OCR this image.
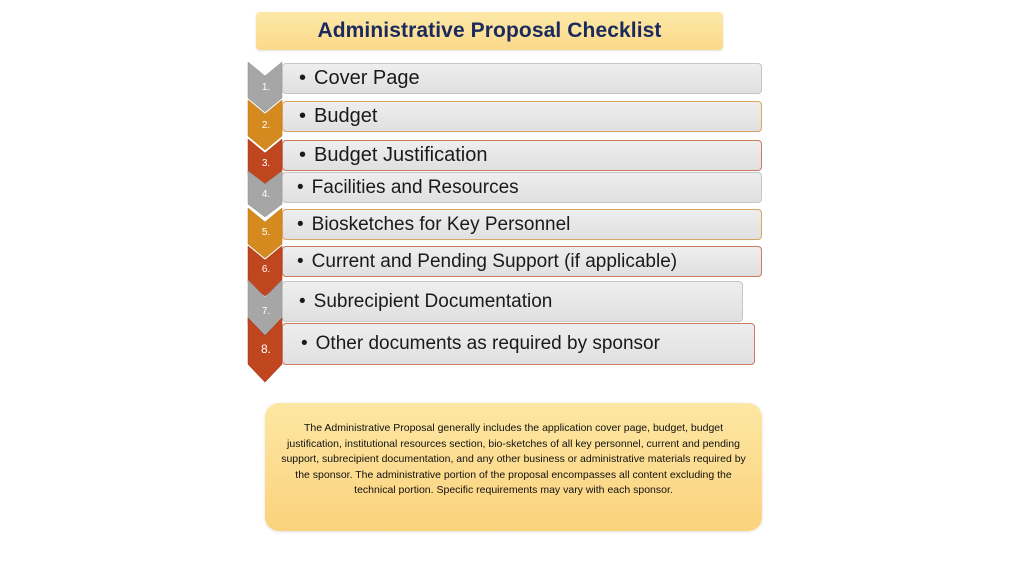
Administrative Proposal Checklist
1.	• Cover Page
2.	• Budget
3.	• Budget Justification
4.	• Facilities and Resources
5.	• Biosketches for Key Personnel
6.	• Current and Pending Support (if applicable)
7.	• Subrecipient Documentation
8.	• Other documents as required by sponsor
The Administrative Proposal generally includes the application cover page, budget, budget justification, institutional resources section, bio-sketches of all key personnel, current and pending support, subrecipient documentation, and any other business or administrative materials required by the sponsor. The administrative portion of the proposal encompasses all content excluding the technical portion. Specific requirements may vary with each sponsor.
